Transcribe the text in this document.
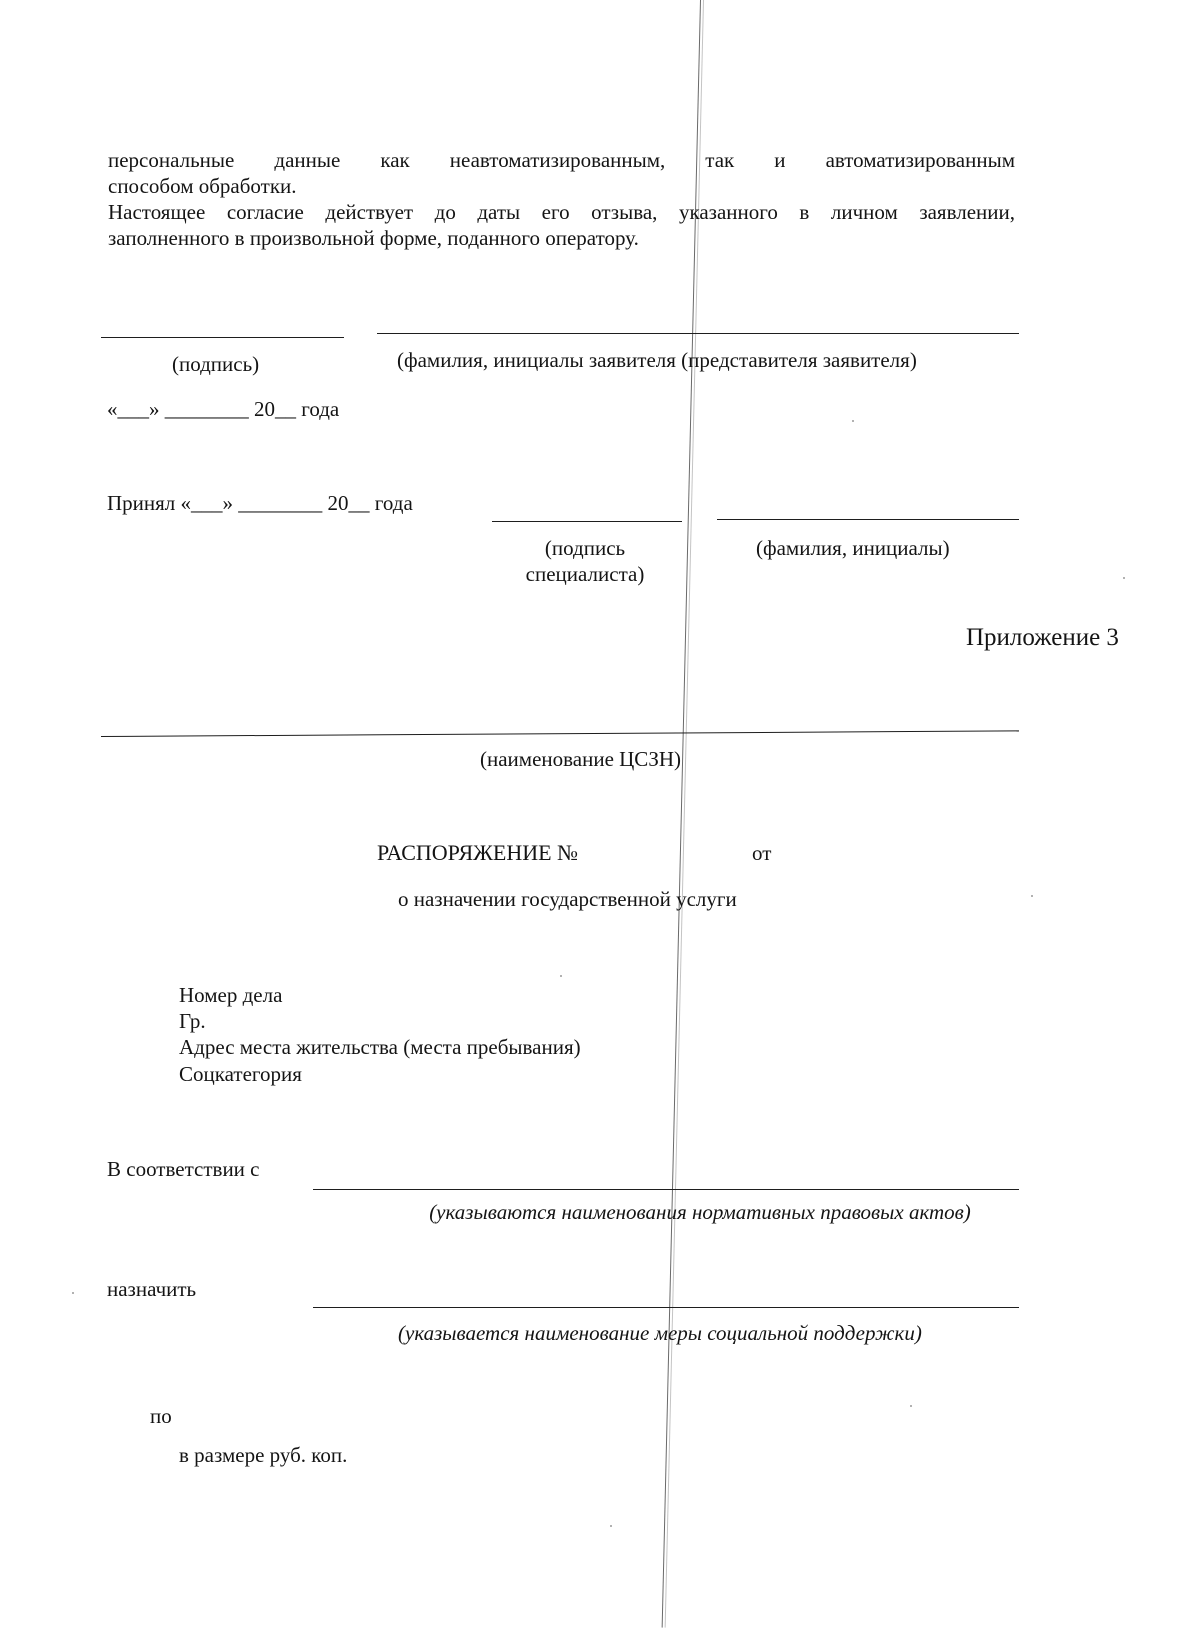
персональные данные как неавтоматизированным, так и автоматизированным
способом обработки.
Настоящее согласие действует до даты его отзыва, указанного в личном заявлении,
заполненного в произвольной форме, поданного оператору.
(подпись)	(фамилия, инициалы заявителя (представителя заявителя)
«___» ________ 20__ года
Принял «___» ________ 20__ года
(подпись специалиста)
(фамилия, инициалы)
Приложение 3
(наименование ЦСЗН)
РАСПОРЯЖЕНИЕ №	от
о назначении государственной услуги
Номер дела
Гр.
Адрес места жительства (места пребывания)
Соцкатегория
В соответствии с
(указываются наименования нормативных правовых актов)
назначить
(указывается наименование меры социальной поддержки)
по
в размере руб. коп.
